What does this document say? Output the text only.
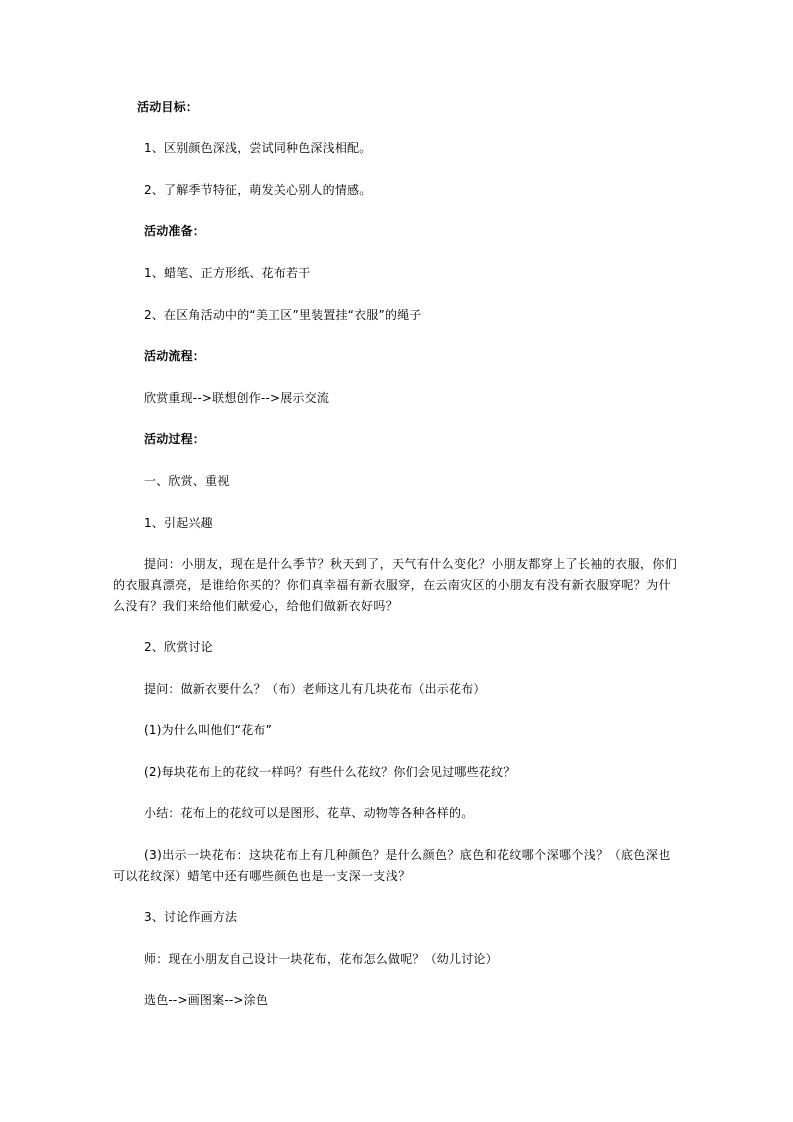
活动目标：
1、区别颜色深浅，尝试同种色深浅相配。
2、了解季节特征，萌发关心别人的情感。
活动准备：
1、蜡笔、正方形纸、花布若干
2、在区角活动中的“美工区”里装置挂“衣服”的绳子
活动流程：
欣赏重现-->联想创作-->展示交流
活动过程：
一、欣赏、重视
1、引起兴趣
提问：小朋友，现在是什么季节？秋天到了，天气有什么变化？小朋友都穿上了长袖的衣服，你们的衣服真漂亮，是谁给你买的？你们真幸福有新衣服穿，在云南灾区的小朋友有没有新衣服穿呢？为什么没有？我们来给他们献爱心，给他们做新衣好吗？
2、欣赏讨论
提问：做新衣要什么？（布）老师这儿有几块花布（出示花布）
(1)为什么叫他们“花布”
(2)每块花布上的花纹一样吗？有些什么花纹？你们会见过哪些花纹？
小结：花布上的花纹可以是图形、花草、动物等各种各样的。
(3)出示一块花布：这块花布上有几种颜色？是什么颜色？底色和花纹哪个深哪个浅？（底色深也可以花纹深）蜡笔中还有哪些颜色也是一支深一支浅？
3、讨论作画方法
师：现在小朋友自己设计一块花布，花布怎么做呢？（幼儿讨论）
选色-->画图案-->涂色
